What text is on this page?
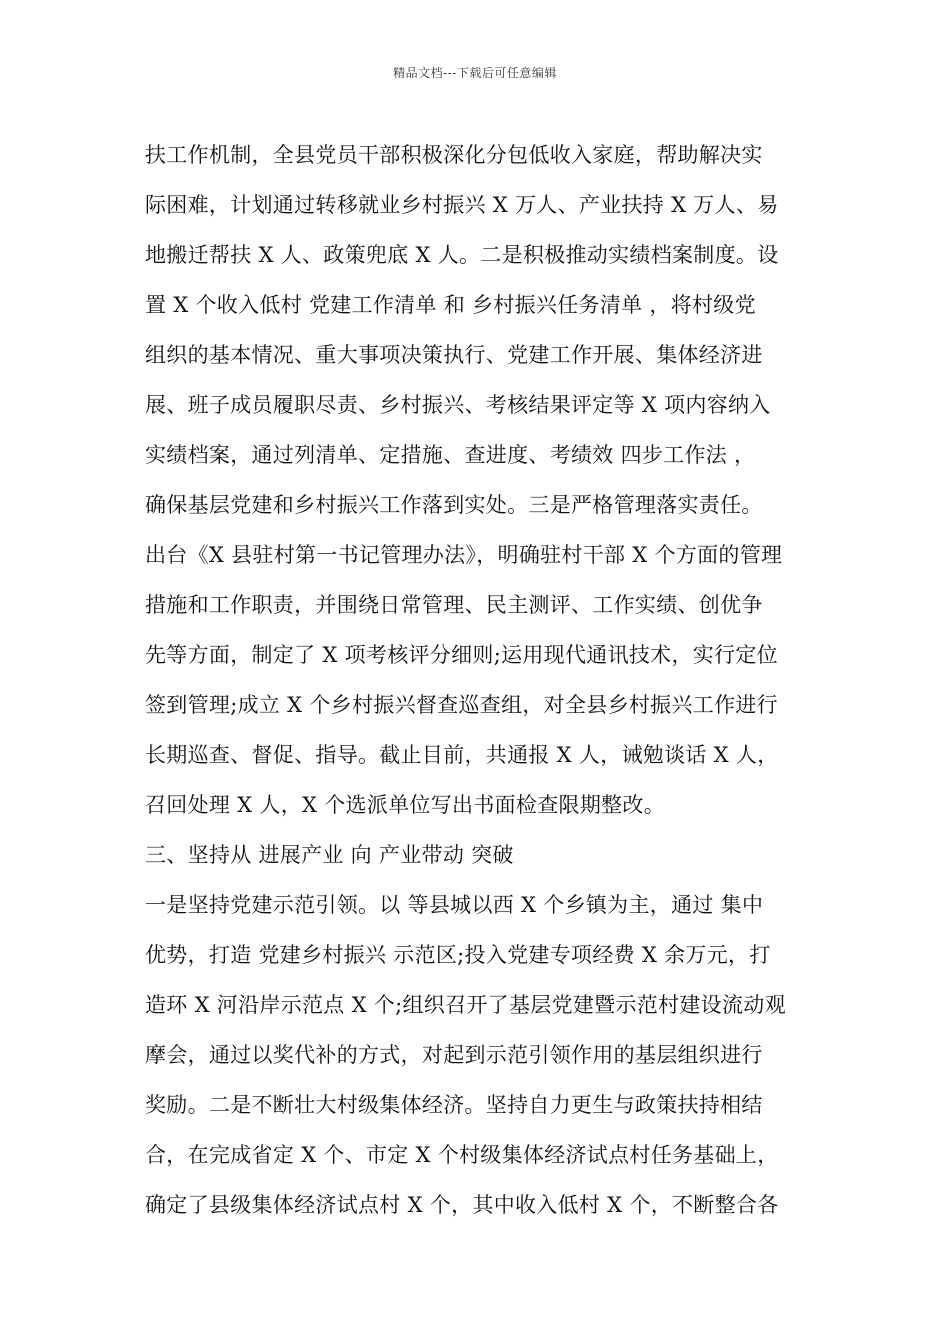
精品文档---下载后可任意编辑
扶工作机制，全县党员干部积极深化分包低收入家庭，帮助解决实
际困难，计划通过转移就业乡村振兴 X 万人、产业扶持 X 万人、易
地搬迁帮扶 X 人、政策兜底 X 人。二是积极推动实绩档案制度。设
置 X 个收入低村 党建工作清单 和 乡村振兴任务清单 ，将村级党
组织的基本情况、重大事项决策执行、党建工作开展、集体经济进
展、班子成员履职尽责、乡村振兴、考核结果评定等 X 项内容纳入
实绩档案，通过列清单、定措施、查进度、考绩效 四步工作法 ，
确保基层党建和乡村振兴工作落到实处。三是严格管理落实责任。
出台《X 县驻村第一书记管理办法》，明确驻村干部 X 个方面的管理
措施和工作职责，并围绕日常管理、民主测评、工作实绩、创优争
先等方面，制定了 X 项考核评分细则;运用现代通讯技术，实行定位
签到管理;成立 X 个乡村振兴督查巡查组，对全县乡村振兴工作进行
长期巡查、督促、指导。截止目前，共通报 X 人，诫勉谈话 X 人，
召回处理 X 人，X 个选派单位写出书面检查限期整改。
三、坚持从 进展产业 向 产业带动 突破
一是坚持党建示范引领。以 等县城以西 X 个乡镇为主，通过 集中
优势，打造 党建乡村振兴 示范区;投入党建专项经费 X 余万元，打
造环 X 河沿岸示范点 X 个;组织召开了基层党建暨示范村建设流动观
摩会，通过以奖代补的方式，对起到示范引领作用的基层组织进行
奖励。二是不断壮大村级集体经济。坚持自力更生与政策扶持相结
合，在完成省定 X 个、市定 X 个村级集体经济试点村任务基础上，
确定了县级集体经济试点村 X 个，其中收入低村 X 个，不断整合各
